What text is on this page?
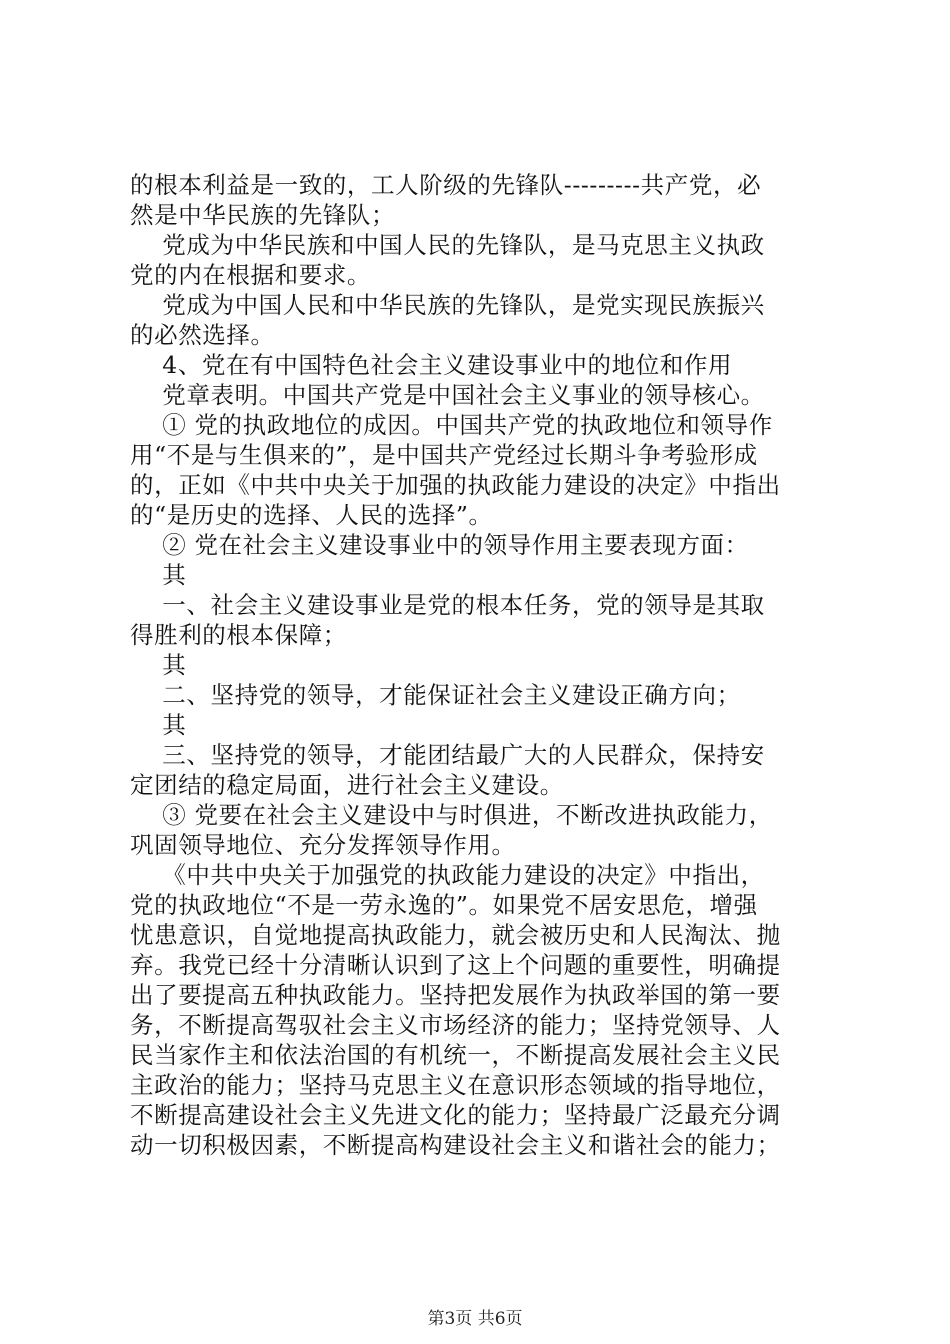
的根本利益是一致的，工人阶级的先锋队---------共产党，必
然是中华民族的先锋队；
党成为中华民族和中国人民的先锋队，是马克思主义执政
党的内在根据和要求。
党成为中国人民和中华民族的先锋队，是党实现民族振兴
的必然选择。
4、党在有中国特色社会主义建设事业中的地位和作用
党章表明。中国共产党是中国社会主义事业的领导核心。
① 党的执政地位的成因。中国共产党的执政地位和领导作
用“不是与生俱来的”，是中国共产党经过长期斗争考验形成
的，正如《中共中央关于加强的执政能力建设的决定》中指出
的“是历史的选择、人民的选择”。
② 党在社会主义建设事业中的领导作用主要表现方面：
其
一、社会主义建设事业是党的根本任务，党的领导是其取
得胜利的根本保障；
其
二、坚持党的领导，才能保证社会主义建设正确方向；
其
三、坚持党的领导，才能团结最广大的人民群众，保持安
定团结的稳定局面，进行社会主义建设。
③ 党要在社会主义建设中与时俱进，不断改进执政能力，
巩固领导地位、充分发挥领导作用。
《中共中央关于加强党的执政能力建设的决定》中指出，
党的执政地位“不是一劳永逸的”。如果党不居安思危，增强
忧患意识，自觉地提高执政能力，就会被历史和人民淘汰、抛
弃。我党已经十分清晰认识到了这上个问题的重要性，明确提
出了要提高五种执政能力。坚持把发展作为执政举国的第一要
务，不断提高驾驭社会主义市场经济的能力；坚持党领导、人
民当家作主和依法治国的有机统一，不断提高发展社会主义民
主政治的能力；坚持马克思主义在意识形态领域的指导地位，
不断提高建设社会主义先进文化的能力；坚持最广泛最充分调
动一切积极因素，不断提高构建设社会主义和谐社会的能力；
第3页 共6页
